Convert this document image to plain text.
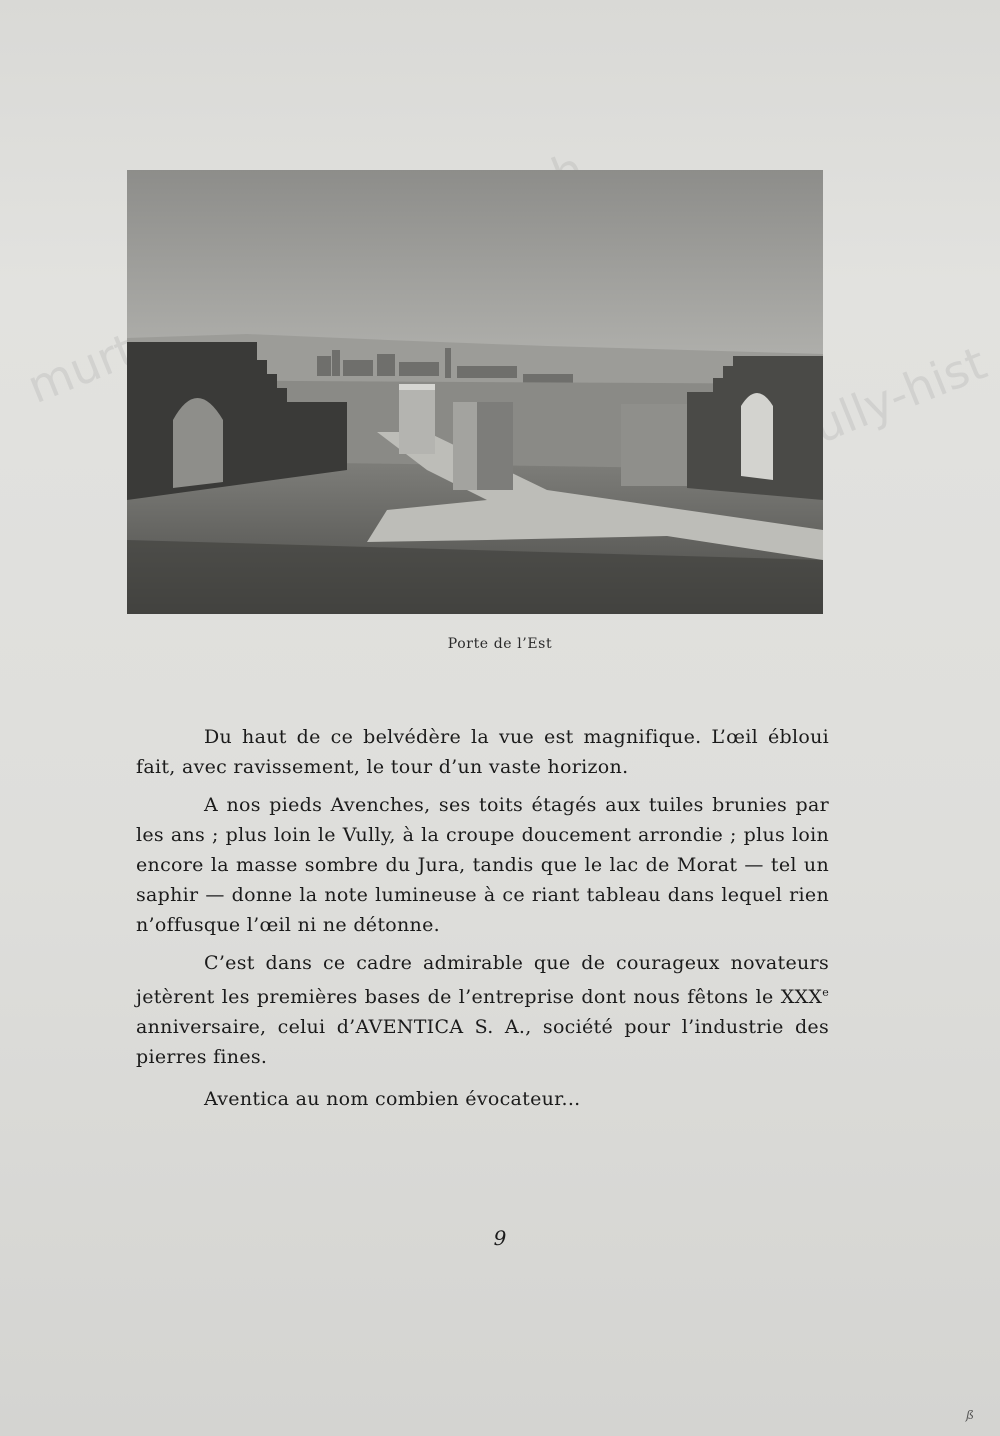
vully-hist
Porte de l’Est

Du haut de ce belvédère la vue est magnifique. L’œil ébloui fait, avec ravissement, le tour d’un vaste horizon.

A nos pieds Avenches, ses toits étagés aux tuiles brunies par les ans ; plus loin le Vully, à la croupe doucement arrondie ; plus loin encore la masse sombre du Jura, tandis que le lac de Morat — tel un saphir — donne la note lumineuse à ce riant tableau dans lequel rien n’offusque l’œil ni ne détonne.

C’est dans ce cadre admirable que de courageux novateurs jetèrent les premières bases de l’entreprise dont nous fêtons le XXXe anniversaire, celui d’AVENTICA S. A., société pour l’industrie des pierres fines.

Aventica au nom combien évocateur...

9
ß
